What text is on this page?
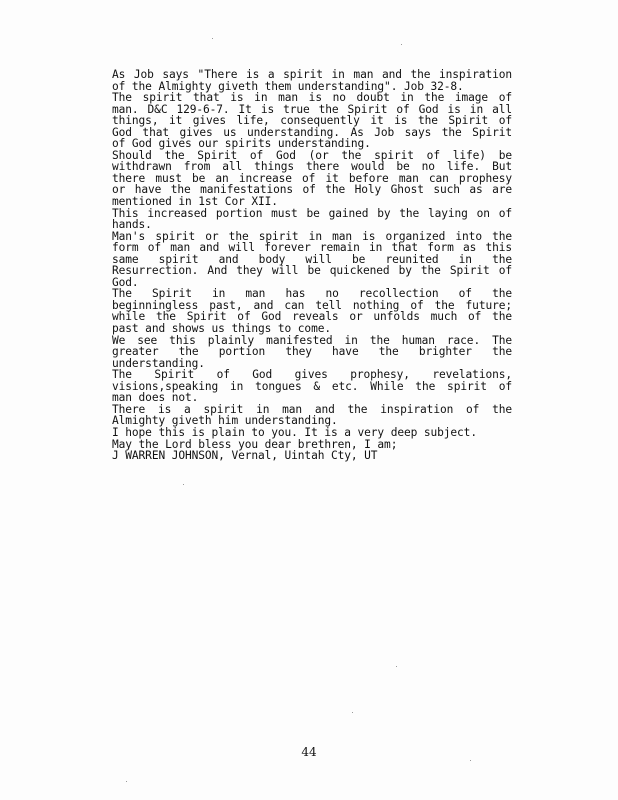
As Job says "There is a spirit in man and the inspiration
of the Almighty giveth them understanding". Job 32-8.
The spirit that is in man is no doubt in the image of
man. D&C 129-6-7. It is true the Spirit of God is in all
things, it gives life, consequently it is the Spirit of
God that gives us understanding. As Job says the Spirit
of God gives our spirits understanding.
Should the Spirit of God (or the spirit of life) be
withdrawn from all things there would be no life. But
there must be an increase of it before man can prophesy
or have the manifestations of the Holy Ghost such as are
mentioned in 1st Cor XII.
This increased portion must be gained by the laying on of
hands.
Man's spirit or the spirit in man is organized into the
form of man and will forever remain in that form as this
same spirit and body will be reunited in the
Resurrection. And they will be quickened by the Spirit of
God.
The Spirit in man has no recollection of the
beginningless past, and can tell nothing of the future;
while the Spirit of God reveals or unfolds much of the
past and shows us things to come.
We see this plainly manifested in the human race. The
greater the portion they have the brighter the
understanding.
The Spirit of God gives prophesy, revelations,
visions,speaking in tongues & etc. While the spirit of
man does not.
There is a spirit in man and the inspiration of the
Almighty giveth him understanding.
I hope this is plain to you. It is a very deep subject.
May the Lord bless you dear brethren, I am;
J WARREN JOHNSON, Vernal, Uintah Cty, UT
44
